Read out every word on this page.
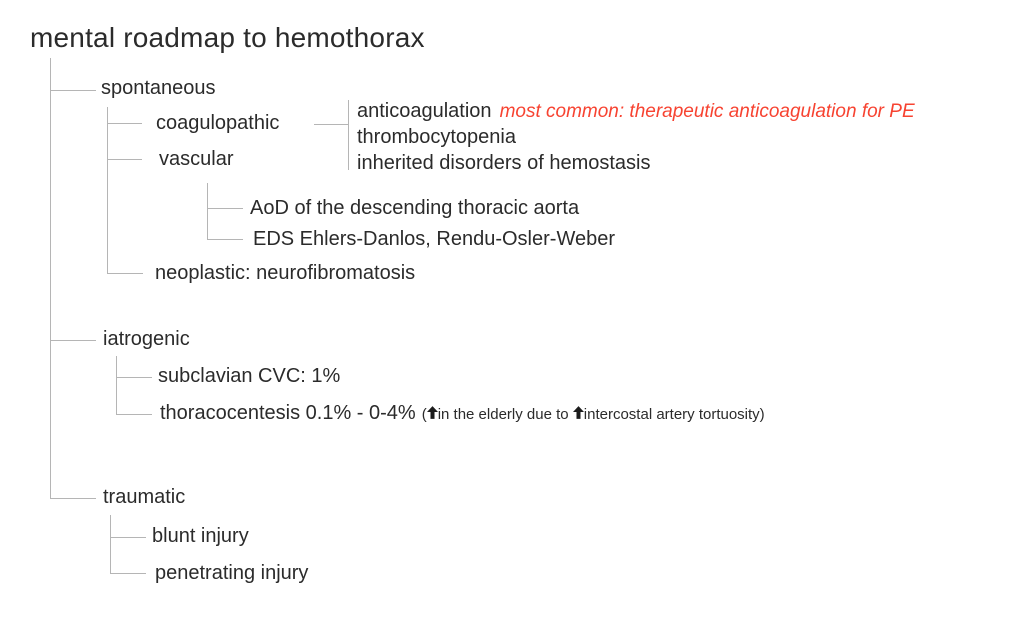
mental roadmap to hemothorax
spontaneous
coagulopathic
anticoagulation most common: therapeutic anticoagulation for PE
thrombocytopenia
inherited disorders of hemostasis
vascular
AoD of the descending thoracic aorta
EDS Ehlers-Danlos, Rendu-Osler-Weber
neoplastic: neurofibromatosis
iatrogenic
subclavian CVC: 1%
thoracocentesis 0.1% - 0-4% ( in the elderly due to intercostal artery tortuosity)
traumatic
blunt injury
penetrating injury
